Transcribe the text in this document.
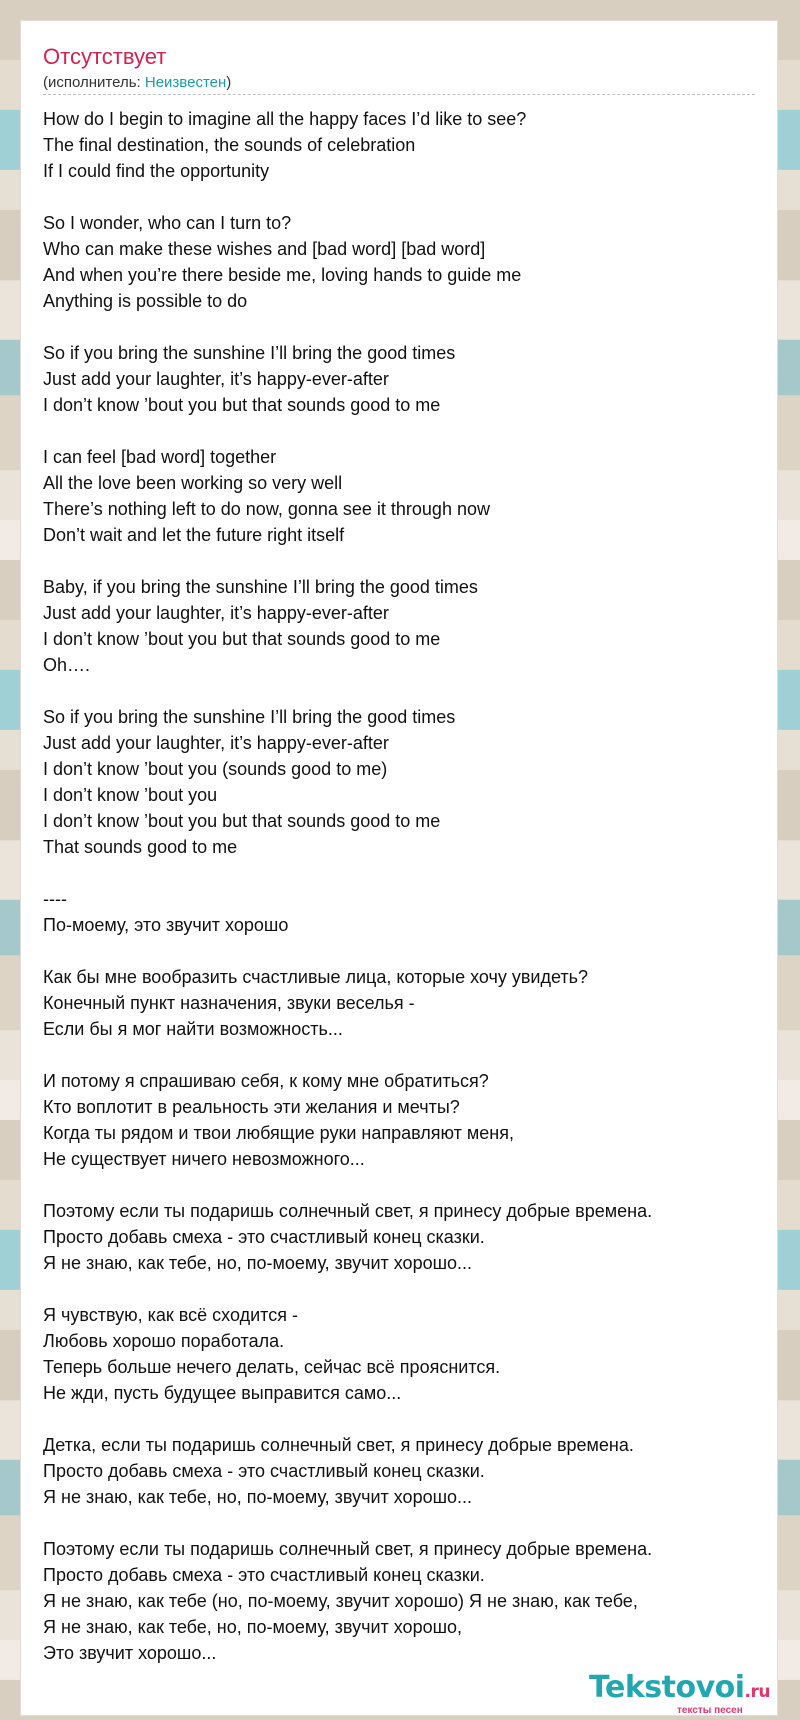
Отсутствует
(исполнитель: Неизвестен)
How do I begin to imagine all the happy faces I’d like to see?
The final destination, the sounds of celebration
If I could find the opportunity
So I wonder, who can I turn to?
Who can make these wishes and [bad word] [bad word]
And when you’re there beside me, loving hands to guide me
Anything is possible to do
So if you bring the sunshine I’ll bring the good times
Just add your laughter, it’s happy-ever-after
I don’t know ’bout you but that sounds good to me
I can feel [bad word] together
All the love been working so very well
There’s nothing left to do now, gonna see it through now
Don’t wait and let the future right itself
Baby, if you bring the sunshine I’ll bring the good times
Just add your laughter, it’s happy-ever-after
I don’t know ’bout you but that sounds good to me
Oh….
So if you bring the sunshine I’ll bring the good times
Just add your laughter, it’s happy-ever-after
I don’t know ’bout you (sounds good to me)
I don’t know ’bout you
I don’t know ’bout you but that sounds good to me
That sounds good to me
----
По-моему, это звучит хорошо
Как бы мне вообразить счастливые лица, которые хочу увидеть?
Конечный пункт назначения, звуки веселья -
Если бы я мог найти возможность...
И потому я спрашиваю себя, к кому мне обратиться?
Кто воплотит в реальность эти желания и мечты?
Когда ты рядом и твои любящие руки направляют меня,
Не существует ничего невозможного...
Поэтому если ты подаришь солнечный свет, я принесу добрые времена.
Просто добавь смеха - это счастливый конец сказки.
Я не знаю, как тебе, но, по-моему, звучит хорошо...
Я чувствую, как всё сходится -
Любовь хорошо поработала.
Теперь больше нечего делать, сейчас всё прояснится.
Не жди, пусть будущее выправится само...
Детка, если ты подаришь солнечный свет, я принесу добрые времена.
Просто добавь смеха - это счастливый конец сказки.
Я не знаю, как тебе, но, по-моему, звучит хорошо...
Поэтому если ты подаришь солнечный свет, я принесу добрые времена.
Просто добавь смеха - это счастливый конец сказки.
Я не знаю, как тебе (но, по-моему, звучит хорошо) Я не знаю, как тебе,
Я не знаю, как тебе, но, по-моему, звучит хорошо,
Это звучит хорошо...
Tekstovoi.ru
тексты песен
